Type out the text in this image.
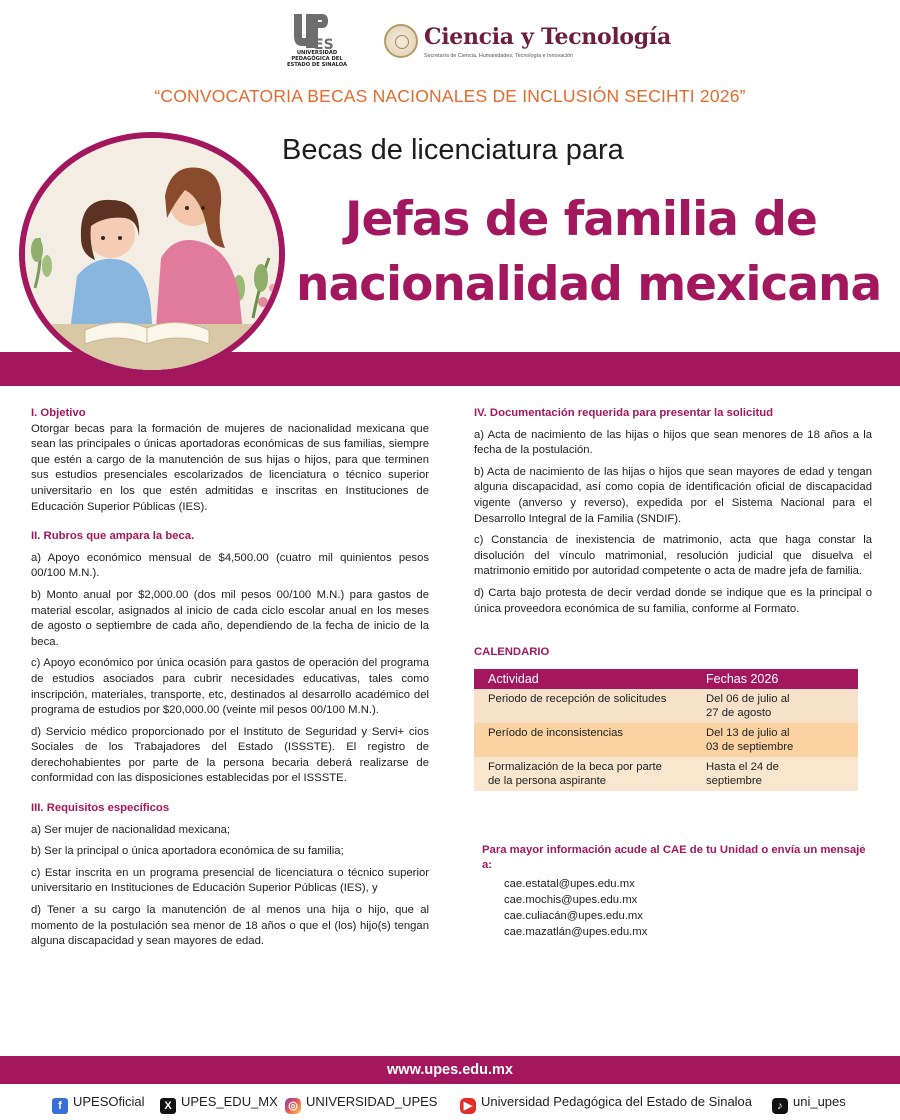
ES
UNIVERSIDAD PEDAGÓGICA DEL ESTADO DE SINALOA
Ciencia y Tecnología
Secretaría de Ciencia, Humanidades, Tecnología e Innovación
“CONVOCATORIA BECAS NACIONALES DE INCLUSIÓN SECIHTI 2026”
Becas de licenciatura para
Jefas de familia de
nacionalidad mexicana
I. Objetivo
Otorgar becas para la formación de mujeres de nacionalidad mexicana que sean las principales o únicas aportadoras económicas de sus familias, siempre que estén a cargo de la manutención de sus hijas o hijos, para que terminen sus estudios presenciales escolarizados de licenciatura o técnico superior universitario en los que estén admitidas e inscritas en Instituciones de Educación Superior Públicas (IES).

II. Rubros que ampara la beca.

a) Apoyo económico mensual de $4,500.00 (cuatro mil quinientos pesos 00/100 M.N.).

b) Monto anual por $2,000.00 (dos mil pesos 00/100 M.N.) para gastos de material escolar, asignados al inicio de cada ciclo escolar anual en los meses de agosto o septiembre de cada año, dependiendo de la fecha de inicio de la beca.

c) Apoyo económico por única ocasión para gastos de operación del programa de estudios asociados para cubrir necesidades educativas, tales como inscripción, materiales, transporte, etc, destinados al desarrollo académico del programa de estudios por $20,000.00 (veinte mil pesos 00/100 M.N.).

d) Servicio médico proporcionado por el Instituto de Seguridad y Servi+ cios Sociales de los Trabajadores del Estado (ISSSTE). El registro de derechohabientes por parte de la persona becaria deberá realizarse de conformidad con las disposiciones establecidas por el ISSSTE.

III. Requisitos específicos

a) Ser mujer de nacionalidad mexicana;

b) Ser la principal o única aportadora económica de su familia;

c) Estar inscrita en un programa presencial de licenciatura o técnico superior universitario en Instituciones de Educación Superior Públicas (IES), y

d) Tener a su cargo la manutención de al menos una hija o hijo, que al momento de la postulación sea menor de 18 años o que el (los) hijo(s) tengan alguna discapacidad y sean mayores de edad.

IV. Documentación requerida para presentar la solicitud

a) Acta de nacimiento de las hijas o hijos que sean menores de 18 años a la fecha de la postulación.

b) Acta de nacimiento de las hijas o hijos que sean mayores de edad y tengan alguna discapacidad, así como copia de identificación oficial de discapacidad vigente (anverso y reverso), expedida por el Sistema Nacional para el Desarrollo Integral de la Familia (SNDIF).

c) Constancia de inexistencia de matrimonio, acta que haga constar la disolución del vínculo matrimonial, resolución judicial que disuelva el matrimonio emitido por autoridad competente o acta de madre jefa de familia.

d) Carta bajo protesta de decir verdad donde se indique que es la principal o única proveedora económica de su familia, conforme al Formato.

CALENDARIO
Actividad	Fechas 2026
Periodo de recepción de solicitudes	Del 06 de julio al
27 de agosto
Período de inconsistencias	Del 13 de julio al
03 de septiembre
Formalización de la beca por parte
de la persona aspirante	Hasta el 24 de
septiembre
Para mayor información acude al CAE de tu Unidad o envía un mensaje a:
cae.estatal@upes.edu.mx
cae.mochis@upes.edu.mx
cae.culiacán@upes.edu.mx
cae.mazatlán@upes.edu.mx
www.upes.edu.mx
f UPESOficial	X UPES_EDU_MX ◎ UNIVERSIDAD_UPES	▶ Universidad Pedagógica del Estado de Sinaloa	♪ uni_upes
